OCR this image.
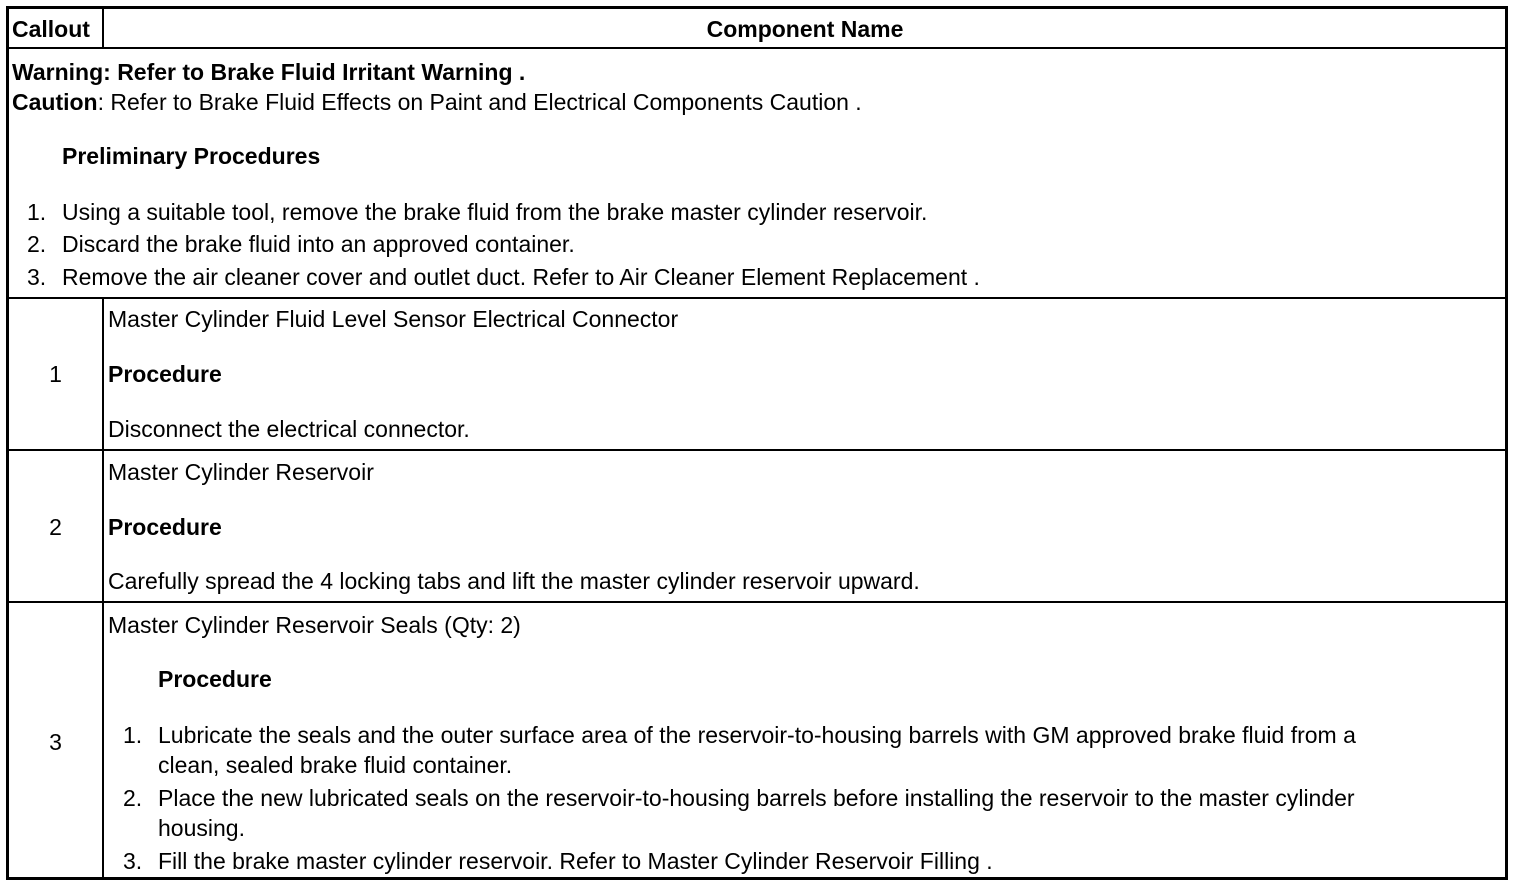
Callout	Component Name
Warning: Refer to Brake Fluid Irritant Warning .
Caution: Refer to Brake Fluid Effects on Paint and Electrical Components Caution .
Preliminary Procedures
1. Using a suitable tool, remove the brake fluid from the brake master cylinder reservoir.
2. Discard the brake fluid into an approved container.
3. Remove the air cleaner cover and outlet duct. Refer to Air Cleaner Element Replacement .
1
Master Cylinder Fluid Level Sensor Electrical Connector
Procedure
Disconnect the electrical connector.
2
Master Cylinder Reservoir
Procedure
Carefully spread the 4 locking tabs and lift the master cylinder reservoir upward.
3
Master Cylinder Reservoir Seals (Qty: 2)
Procedure
1. Lubricate the seals and the outer surface area of the reservoir-to-housing barrels with GM approved brake fluid from a
clean, sealed brake fluid container.
2. Place the new lubricated seals on the reservoir-to-housing barrels before installing the reservoir to the master cylinder
housing.
3. Fill the brake master cylinder reservoir. Refer to Master Cylinder Reservoir Filling .
